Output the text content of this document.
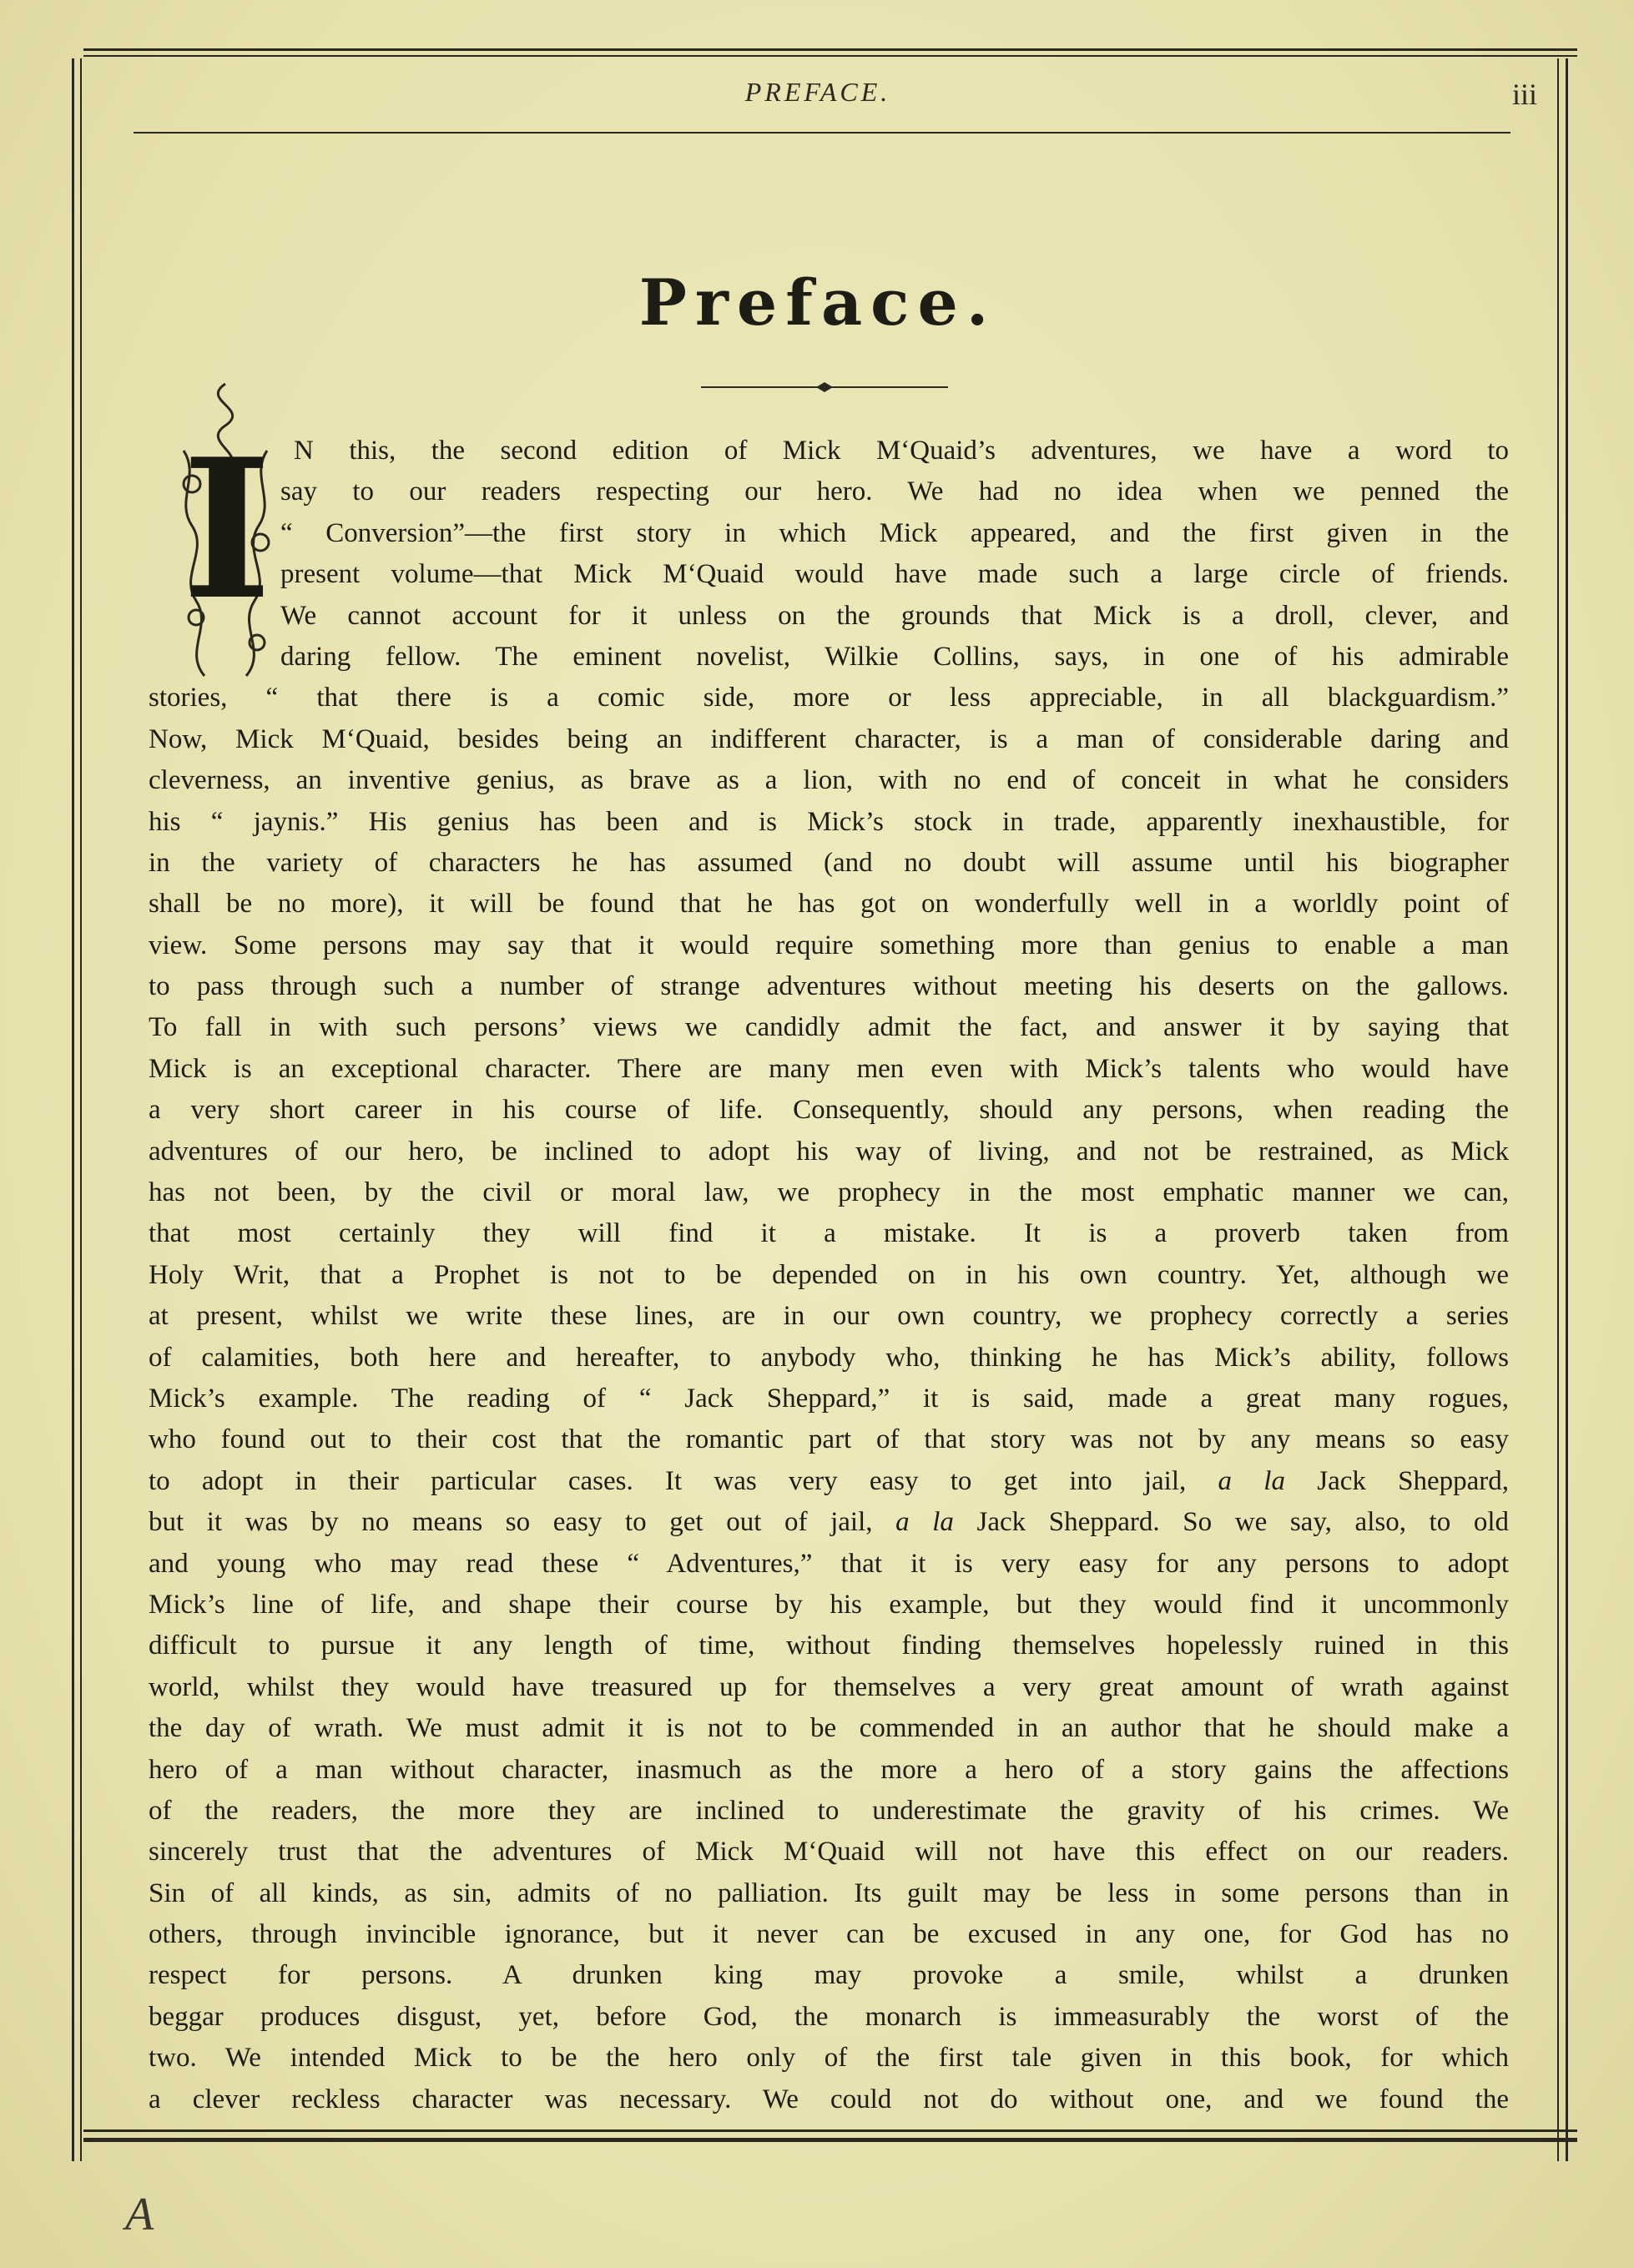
PREFACE.	iii
Preface.
I N this, the second edition of Mick M‘Quaid’s adventures, we have a word to
say to our readers respecting our hero. We had no idea when we penned the
“ Conversion”—the first story in which Mick appeared, and the first given in the
present volume—that Mick M‘Quaid would have made such a large circle of friends.
We cannot account for it unless on the grounds that Mick is a droll, clever, and
daring fellow. The eminent novelist, Wilkie Collins, says, in one of his admirable
stories, “ that there is a comic side, more or less appreciable, in all blackguardism.”
Now, Mick M‘Quaid, besides being an indifferent character, is a man of considerable daring and
cleverness, an inventive genius, as brave as a lion, with no end of conceit in what he considers
his “ jaynis.” His genius has been and is Mick’s stock in trade, apparently inexhaustible, for
in the variety of characters he has assumed (and no doubt will assume until his biographer
shall be no more), it will be found that he has got on wonderfully well in a worldly point of
view. Some persons may say that it would require something more than genius to enable a man
to pass through such a number of strange adventures without meeting his deserts on the gallows.
To fall in with such persons’ views we candidly admit the fact, and answer it by saying that
Mick is an exceptional character. There are many men even with Mick’s talents who would have
a very short career in his course of life. Consequently, should any persons, when reading the
adventures of our hero, be inclined to adopt his way of living, and not be restrained, as Mick
has not been, by the civil or moral law, we prophecy in the most emphatic manner we can,
that most certainly they will find it a mistake. It is a proverb taken from
Holy Writ, that a Prophet is not to be depended on in his own country. Yet, although we
at present, whilst we write these lines, are in our own country, we prophecy correctly a series
of calamities, both here and hereafter, to anybody who, thinking he has Mick’s ability, follows
Mick’s example. The reading of “ Jack Sheppard,” it is said, made a great many rogues,
who found out to their cost that the romantic part of that story was not by any means so easy
to adopt in their particular cases. It was very easy to get into jail, a la Jack Sheppard,
but it was by no means so easy to get out of jail, a la Jack Sheppard. So we say, also, to old
and young who may read these “ Adventures,” that it is very easy for any persons to adopt
Mick’s line of life, and shape their course by his example, but they would find it uncommonly
difficult to pursue it any length of time, without finding themselves hopelessly ruined in this
world, whilst they would have treasured up for themselves a very great amount of wrath against
the day of wrath. We must admit it is not to be commended in an author that he should make a
hero of a man without character, inasmuch as the more a hero of a story gains the affections
of the readers, the more they are inclined to underestimate the gravity of his crimes. We
sincerely trust that the adventures of Mick M‘Quaid will not have this effect on our readers.
Sin of all kinds, as sin, admits of no palliation. Its guilt may be less in some persons than in
others, through invincible ignorance, but it never can be excused in any one, for God has no
respect for persons. A drunken king may provoke a smile, whilst a drunken
beggar produces disgust, yet, before God, the monarch is immeasurably the worst of the
two. We intended Mick to be the hero only of the first tale given in this book, for which
a clever reckless character was necessary. We could not do without one, and we found the
A
